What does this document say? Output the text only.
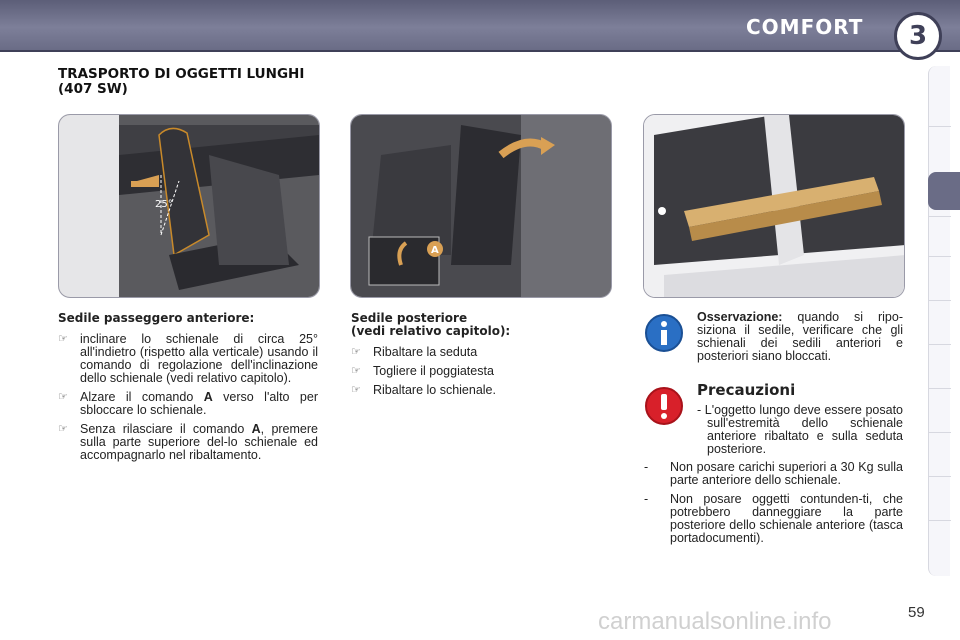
COMFORT 3
TRASPORTO DI OGGETTI LUNGHI (407 SW)
25°
A
Sedile passeggero anteriore:
☞ inclinare lo schienale di circa 25° all'indietro (rispetto alla verticale) usando il comando di regolazione dell'inclinazione dello schienale (vedi relativo capitolo).
☞ Alzare il comando A verso l'alto per sbloccare lo schienale.
☞ Senza rilasciare il comando A, premere sulla parte superiore del-lo schienale ed accompagnarlo nel ribaltamento.
Sedile posteriore
(vedi relativo capitolo):
☞ Ribaltare la seduta
☞ Togliere il poggiatesta
☞ Ribaltare lo schienale.
Osservazione: quando si ripo-siziona il sedile, verificare che gli schienali dei sedili anteriori e posteriori siano bloccati.
Precauzioni
- L'oggetto lungo deve essere posato sull'estremità dello schienale anteriore ribaltato e sulla seduta posteriore.
- Non posare carichi superiori a 30 Kg sulla parte anteriore dello schienale.
- Non posare oggetti contunden-ti, che potrebbero danneggiare la parte posteriore dello schienale anteriore (tasca portadocumenti).
carmanualsonline.info	59
